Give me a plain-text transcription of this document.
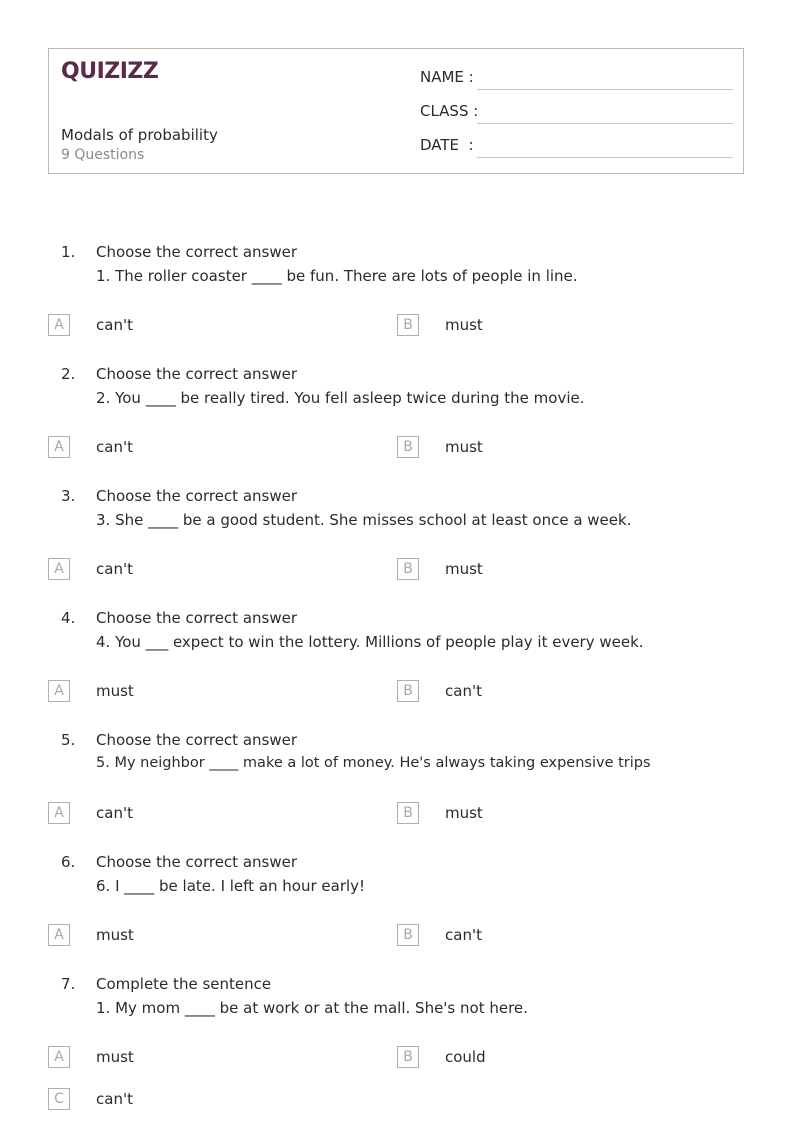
QUIZIZZ
Modals of probability
9 Questions
NAME :
CLASS :
DATE  :
1. Choose the correct answer
1. The roller coaster ____ be fun. There are lots of people in line.
A	can't	B	must
2. Choose the correct answer
2. You ____ be really tired. You fell asleep twice during the movie.
A	can't	B	must
3. Choose the correct answer
3. She ____ be a good student. She misses school at least once a week.
A	can't	B	must
4. Choose the correct answer
4. You ___ expect to win the lottery. Millions of people play it every week.
A	must	B	can't
5. Choose the correct answer
5. My neighbor ____ make a lot of money. He's always taking expensive trips
A	can't	B	must
6. Choose the correct answer
6. I ____ be late. I left an hour early!
A	must	B	can't
7. Complete the sentence
1. My mom ____ be at work or at the mall. She's not here.
A	must	B	could
C	can't
